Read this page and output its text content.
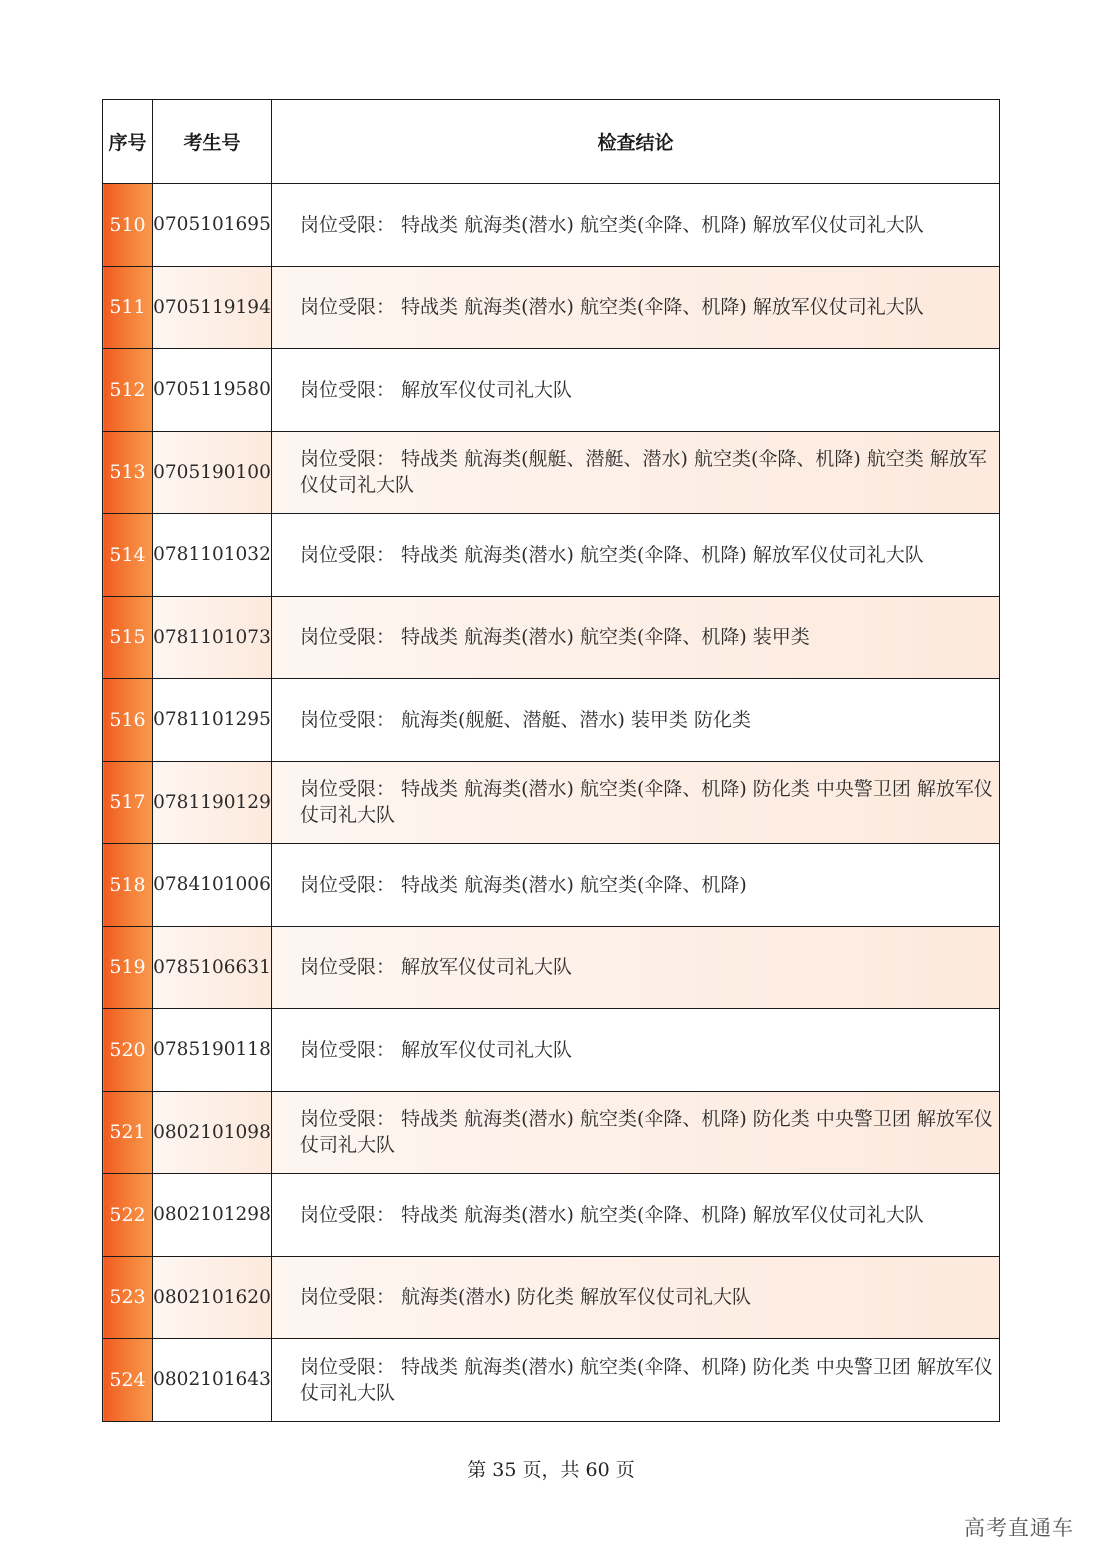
序号	考生号	检查结论
510	0705101695	岗位受限： 特战类 航海类(潜水) 航空类(伞降、机降) 解放军仪仗司礼大队
511	0705119194	岗位受限： 特战类 航海类(潜水) 航空类(伞降、机降) 解放军仪仗司礼大队
512	0705119580	岗位受限： 解放军仪仗司礼大队
513	0705190100	岗位受限： 特战类 航海类(舰艇、潜艇、潜水) 航空类(伞降、机降) 航空类 解放军仪仗司礼大队
514	0781101032	岗位受限： 特战类 航海类(潜水) 航空类(伞降、机降) 解放军仪仗司礼大队
515	0781101073	岗位受限： 特战类 航海类(潜水) 航空类(伞降、机降) 装甲类
516	0781101295	岗位受限： 航海类(舰艇、潜艇、潜水) 装甲类 防化类
517	0781190129	岗位受限： 特战类 航海类(潜水) 航空类(伞降、机降) 防化类 中央警卫团 解放军仪仗司礼大队
518	0784101006	岗位受限： 特战类 航海类(潜水) 航空类(伞降、机降)
519	0785106631	岗位受限： 解放军仪仗司礼大队
520	0785190118	岗位受限： 解放军仪仗司礼大队
521	0802101098	岗位受限： 特战类 航海类(潜水) 航空类(伞降、机降) 防化类 中央警卫团 解放军仪仗司礼大队
522	0802101298	岗位受限： 特战类 航海类(潜水) 航空类(伞降、机降) 解放军仪仗司礼大队
523	0802101620	岗位受限： 航海类(潜水) 防化类 解放军仪仗司礼大队
524	0802101643	岗位受限： 特战类 航海类(潜水) 航空类(伞降、机降) 防化类 中央警卫团 解放军仪仗司礼大队
第 35 页，共 60 页
高考直通车
